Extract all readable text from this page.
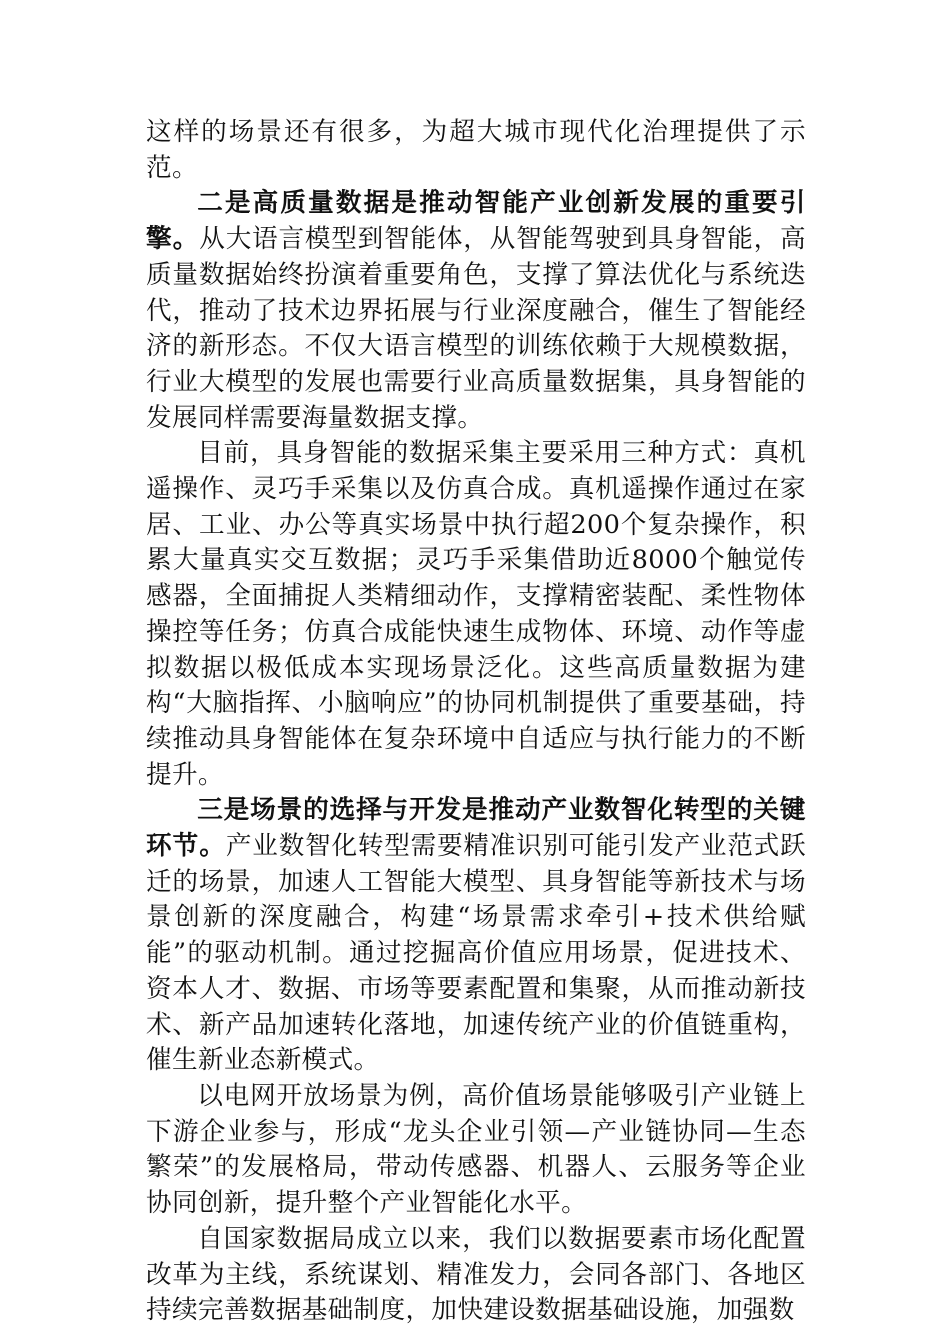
这样的场景还有很多，为超大城市现代化治理提供了示范。

二是高质量数据是推动智能产业创新发展的重要引擎。从大语言模型到智能体，从智能驾驶到具身智能，高质量数据始终扮演着重要角色，支撑了算法优化与系统迭代，推动了技术边界拓展与行业深度融合，催生了智能经济的新形态。不仅大语言模型的训练依赖于大规模数据，行业大模型的发展也需要行业高质量数据集，具身智能的发展同样需要海量数据支撑。

目前，具身智能的数据采集主要采用三种方式：真机遥操作、灵巧手采集以及仿真合成。真机遥操作通过在家居、工业、办公等真实场景中执行超200个复杂操作，积累大量真实交互数据；灵巧手采集借助近8000个触觉传感器，全面捕捉人类精细动作，支撑精密装配、柔性物体操控等任务；仿真合成能快速生成物体、环境、动作等虚拟数据以极低成本实现场景泛化。这些高质量数据为建构“大脑指挥、小脑响应”的协同机制提供了重要基础，持续推动具身智能体在复杂环境中自适应与执行能力的不断提升。

三是场景的选择与开发是推动产业数智化转型的关键环节。产业数智化转型需要精准识别可能引发产业范式跃迁的场景，加速人工智能大模型、具身智能等新技术与场景创新的深度融合，构建“场景需求牵引+技术供给赋能”的驱动机制。通过挖掘高价值应用场景，促进技术、资本人才、数据、市场等要素配置和集聚，从而推动新技术、新产品加速转化落地，加速传统产业的价值链重构，催生新业态新模式。

以电网开放场景为例，高价值场景能够吸引产业链上下游企业参与，形成“龙头企业引领—产业链协同—生态繁荣”的发展格局，带动传感器、机器人、云服务等企业协同创新，提升整个产业智能化水平。

自国家数据局成立以来，我们以数据要素市场化配置改革为主线，系统谋划、精准发力，会同各部门、各地区持续完善数据基础制度，加快建设数据基础设施，加强数
